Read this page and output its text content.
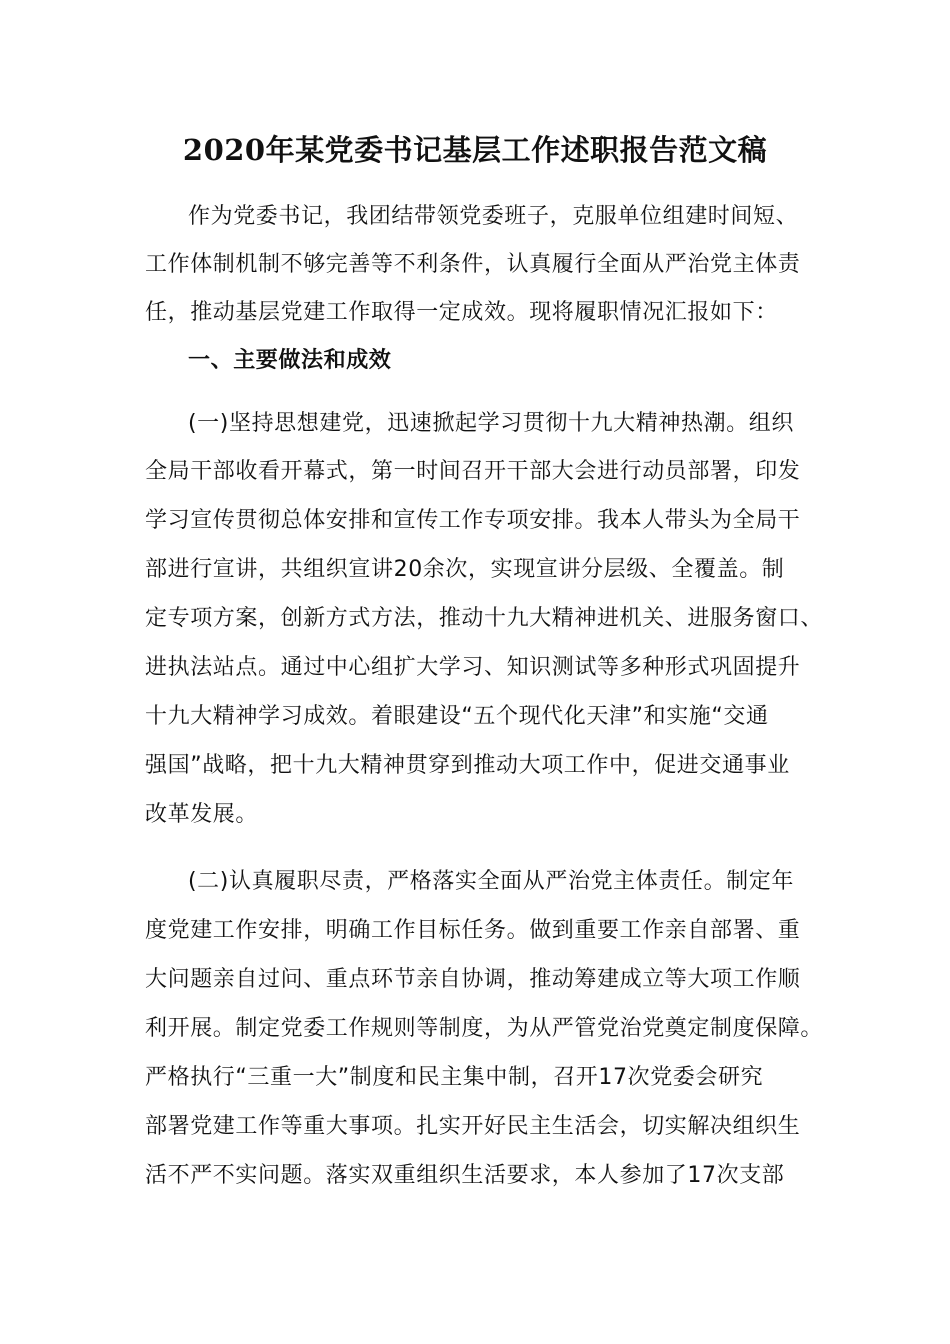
2020年某党委书记基层工作述职报告范文稿
作为党委书记，我团结带领党委班子，克服单位组建时间短、
工作体制机制不够完善等不利条件，认真履行全面从严治党主体责
任，推动基层党建工作取得一定成效。现将履职情况汇报如下：
一、主要做法和成效
(一)坚持思想建党，迅速掀起学习贯彻十九大精神热潮。组织
全局干部收看开幕式，第一时间召开干部大会进行动员部署，印发
学习宣传贯彻总体安排和宣传工作专项安排。我本人带头为全局干
部进行宣讲，共组织宣讲20余次，实现宣讲分层级、全覆盖。制
定专项方案，创新方式方法，推动十九大精神进机关、进服务窗口、
进执法站点。通过中心组扩大学习、知识测试等多种形式巩固提升
十九大精神学习成效。着眼建设“五个现代化天津”和实施“交通
强国”战略，把十九大精神贯穿到推动大项工作中，促进交通事业
改革发展。
(二)认真履职尽责，严格落实全面从严治党主体责任。制定年
度党建工作安排，明确工作目标任务。做到重要工作亲自部署、重
大问题亲自过问、重点环节亲自协调，推动筹建成立等大项工作顺
利开展。制定党委工作规则等制度，为从严管党治党奠定制度保障。
严格执行“三重一大”制度和民主集中制，召开17次党委会研究
部署党建工作等重大事项。扎实开好民主生活会，切实解决组织生
活不严不实问题。落实双重组织生活要求，本人参加了17次支部
